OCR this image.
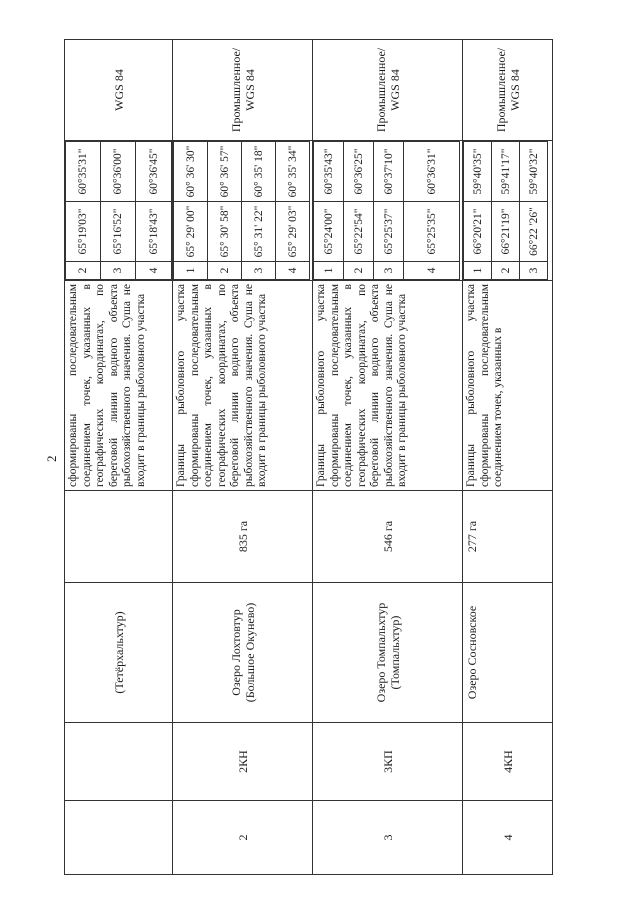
2
		(Тетёрхальхтур)		сформированы последовательным соединением точек, указанных в географических координатах, по береговой линии водного объекта рыбохозяйственного значения. Суша не входит в границы рыболовного участка	
2	65°19'03"	60°35'31"
3	65°16'52"	60°36'00"
4	65°18'43"	60°36'45"
	WGS 84
2	2КН	Озеро Лохтовтур (Большое Окунево)	835 га	Границы рыболовного участка сформированы последовательным соединением точек, указанных в географических координатах, по береговой линии водного объекта рыбохозяйственного значения. Суша не входит в границы рыболовного участка	
1	65° 29' 00"	60° 36' 30"
2	65° 30' 58"	60° 36' 57"
3	65° 31' 22"	60° 35' 18"
4	65° 29' 03"	60° 35' 34"
	Промышленное/ WGS 84
3	3КП	Озеро Томпальхтур (Томпальхтур)	546 га	Границы рыболовного участка сформированы последовательным соединением точек, указанных в географических координатах, по береговой линии водного объекта рыбохозяйственного значения. Суша не входит в границы рыболовного участка	
1	65°24'00"	60°35'43"
2	65°22'54"	60°36'25"
3	65°25'37"	60°37'10"
4	65°25'35"	60°36'31"
	Промышленное/ WGS 84
4	4КН	Озеро Сосновское	277 га	Границы рыболовного участка сформированы последовательным соединением точек, указанных в	
1	66°20'21"	59°40'35"
2	66°21'19"	59°41'17"
3	66°22 '26"	59°40'32"
	Промышленное/ WGS 84
